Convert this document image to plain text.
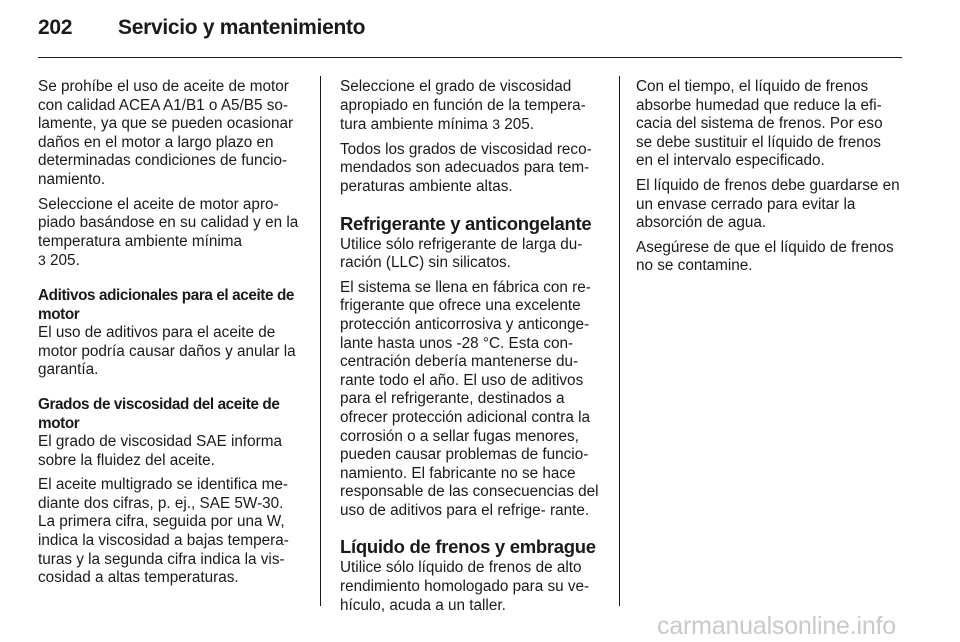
202 Servicio y mantenimiento

Se prohíbe el uso de aceite de motor con calidad ACEA A1/B1 o A5/B5 so- lamente, ya que se pueden ocasionar daños en el motor a largo plazo en determinadas condiciones de funcio- namiento.

Seleccione el aceite de motor apro- piado basándose en su calidad y en la temperatura ambiente mínima
3 205.

Aditivos adicionales para el aceite de motor

El uso de aditivos para el aceite de motor podría causar daños y anular la garantía.

Grados de viscosidad del aceite de motor

El grado de viscosidad SAE informa sobre la fluidez del aceite.

El aceite multigrado se identifica me- diante dos cifras, p. ej., SAE 5W-30. La primera cifra, seguida por una W, indica la viscosidad a bajas tempera- turas y la segunda cifra indica la vis- cosidad a altas temperaturas.

Seleccione el grado de viscosidad apropiado en función de la tempera- tura ambiente mínima 3 205.

Todos los grados de viscosidad reco- mendados son adecuados para tem- peraturas ambiente altas.

Refrigerante y anticongelante

Utilice sólo refrigerante de larga du- ración (LLC) sin silicatos.

El sistema se llena en fábrica con re- frigerante que ofrece una excelente protección anticorrosiva y anticonge- lante hasta unos -28 °C. Esta con- centración debería mantenerse du- rante todo el año. El uso de aditivos para el refrigerante, destinados a ofrecer protección adicional contra la corrosión o a sellar fugas menores, pueden causar problemas de funcio- namiento. El fabricante no se hace responsable de las consecuencias del uso de aditivos para el refrige- rante.

Líquido de frenos y embrague

Utilice sólo líquido de frenos de alto rendimiento homologado para su ve- hículo, acuda a un taller.

Con el tiempo, el líquido de frenos absorbe humedad que reduce la efi- cacia del sistema de frenos. Por eso se debe sustituir el líquido de frenos en el intervalo especificado.

El líquido de frenos debe guardarse en un envase cerrado para evitar la absorción de agua.

Asegúrese de que el líquido de frenos no se contamine.

carmanualsonline.info
